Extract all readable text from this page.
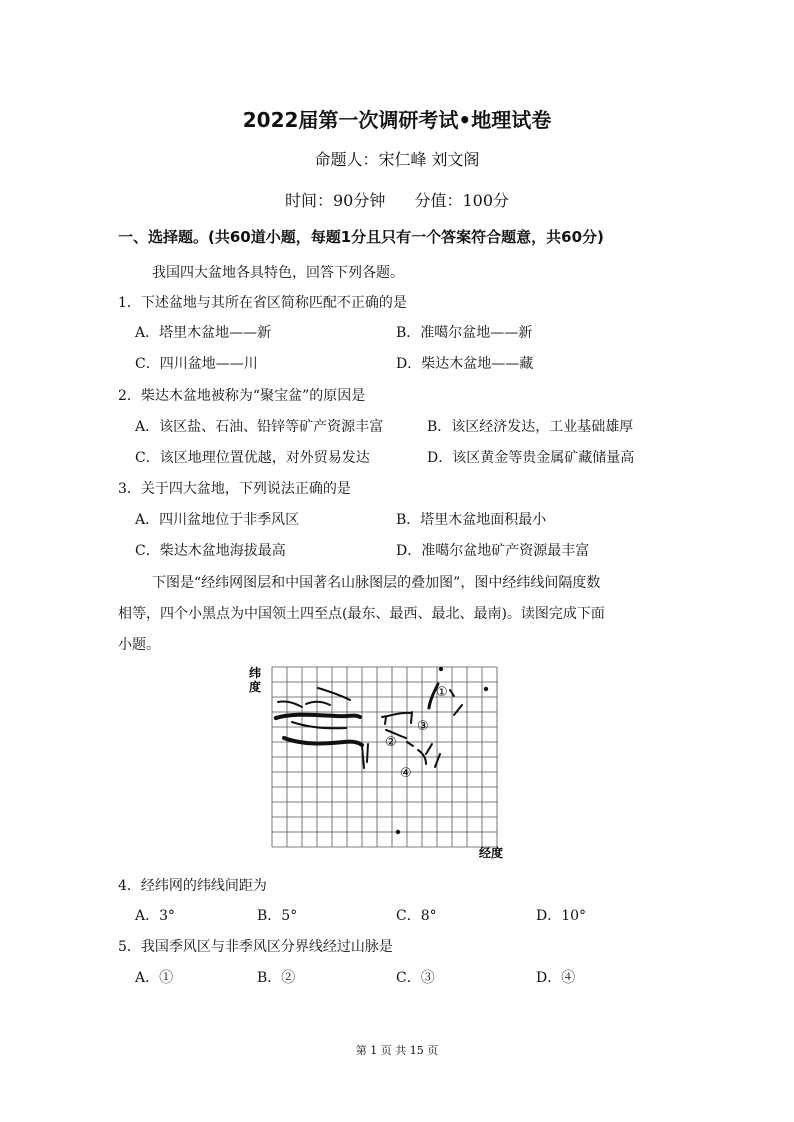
2022届第一次调研考试•地理试卷
命题人：宋仁峰 刘文阁
时间：90分钟 分值：100分
一、选择题。(共60道小题，每题1分且只有一个答案符合题意，共60分)
我国四大盆地各具特色，回答下列各题。
1．下述盆地与其所在省区简称匹配不正确的是
A．塔里木盆地——新	B．准噶尔盆地——新
C．四川盆地——川	D．柴达木盆地——藏
2．柴达木盆地被称为“聚宝盆”的原因是
A．该区盐、石油、铅锌等矿产资源丰富	B．该区经济发达，工业基础雄厚
C．该区地理位置优越，对外贸易发达	D．该区黄金等贵金属矿藏储量高
3．关于四大盆地，下列说法正确的是
A．四川盆地位于非季风区	B．塔里木盆地面积最小
C．柴达木盆地海拔最高	D．准噶尔盆地矿产资源最丰富
下图是“经纬网图层和中国著名山脉图层的叠加图”，图中经纬线间隔度数
相等，四个小黑点为中国领土四至点(最东、最西、最北、最南)。读图完成下面
小题。
纬
度
经度
①
②
③
④
4．经纬网的纬线间距为
A．3°	B．5°	C．8°	D．10°
5．我国季风区与非季风区分界线经过山脉是
A．①	B．②	C．③	D．④
第 1 页 共 15 页
